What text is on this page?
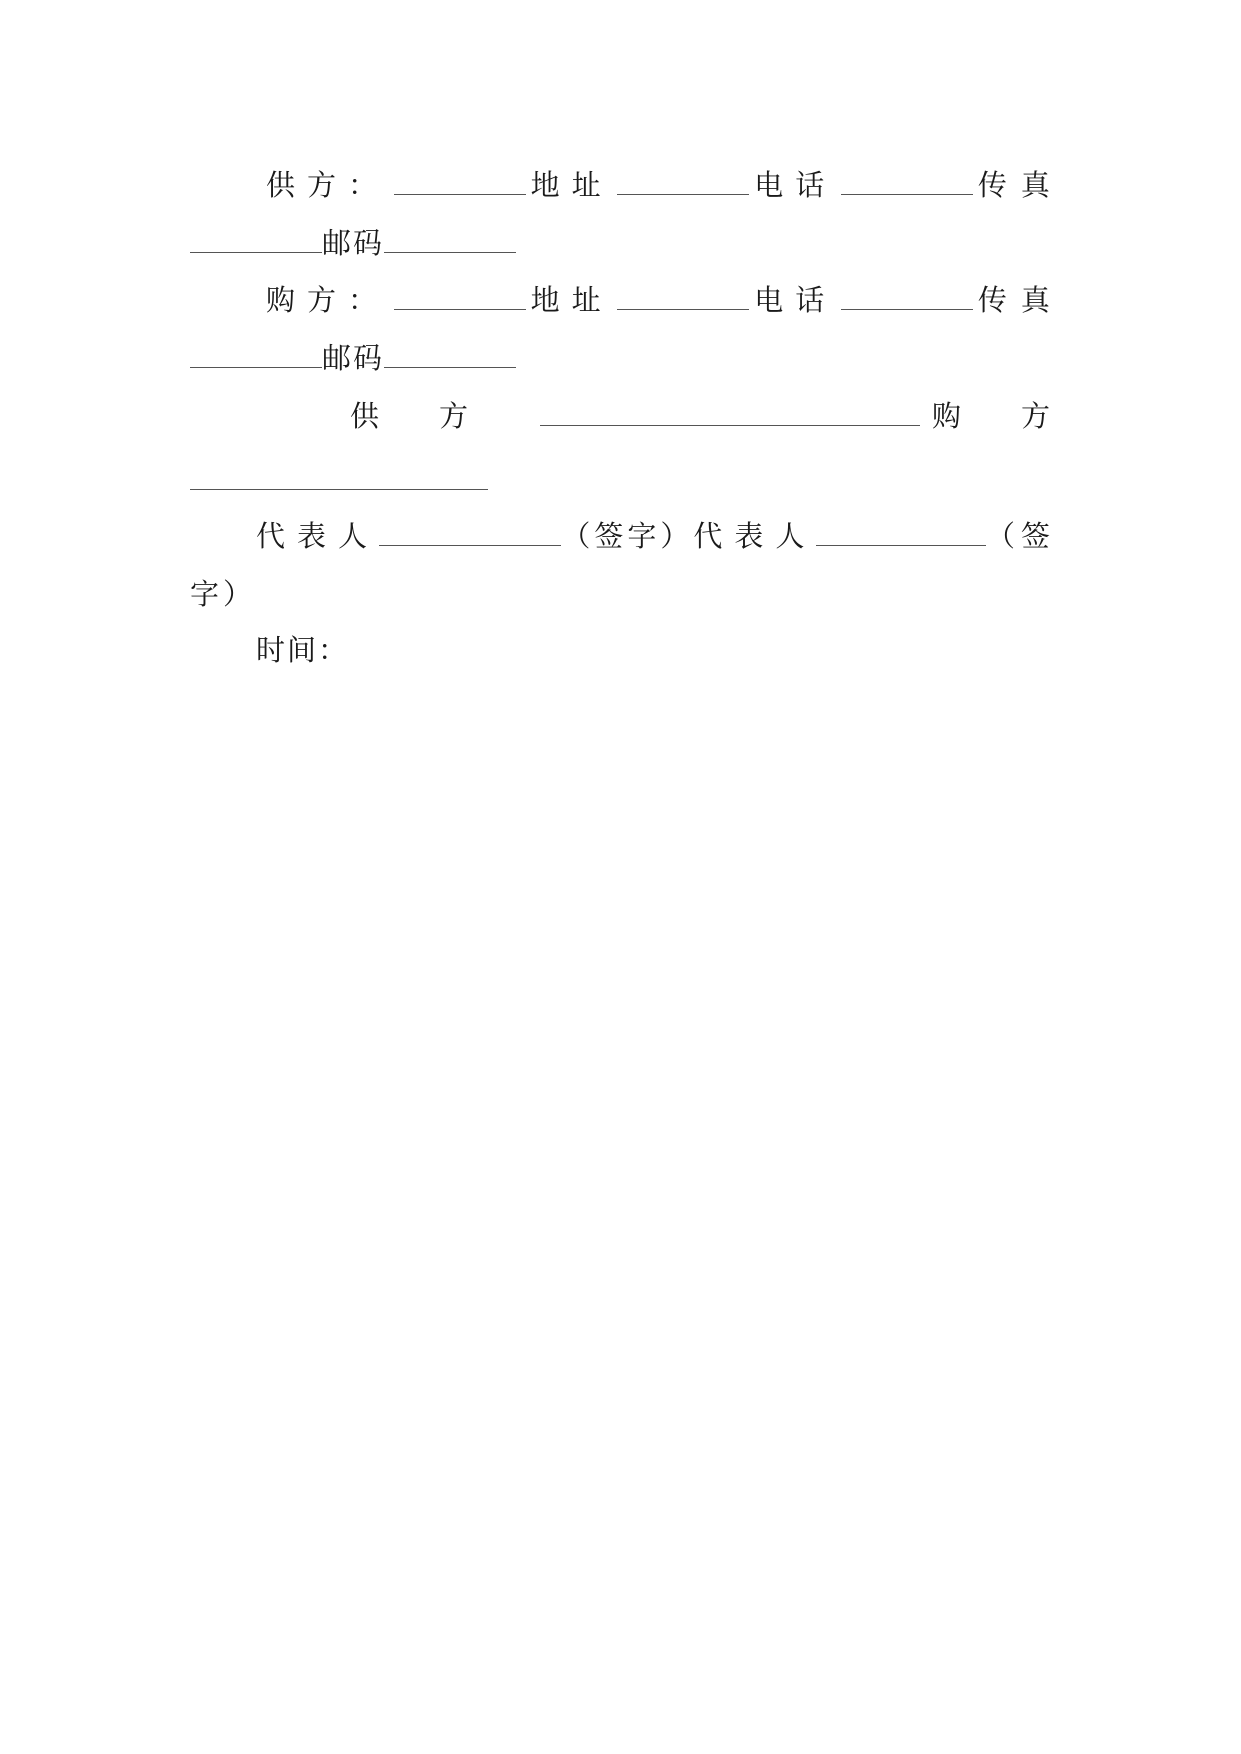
供方：	地址	电话	传真
邮码
购方：	地址	电话	传真
邮码
供方	购方
代表人	（签字） 代表人	（签
字）
时间：
